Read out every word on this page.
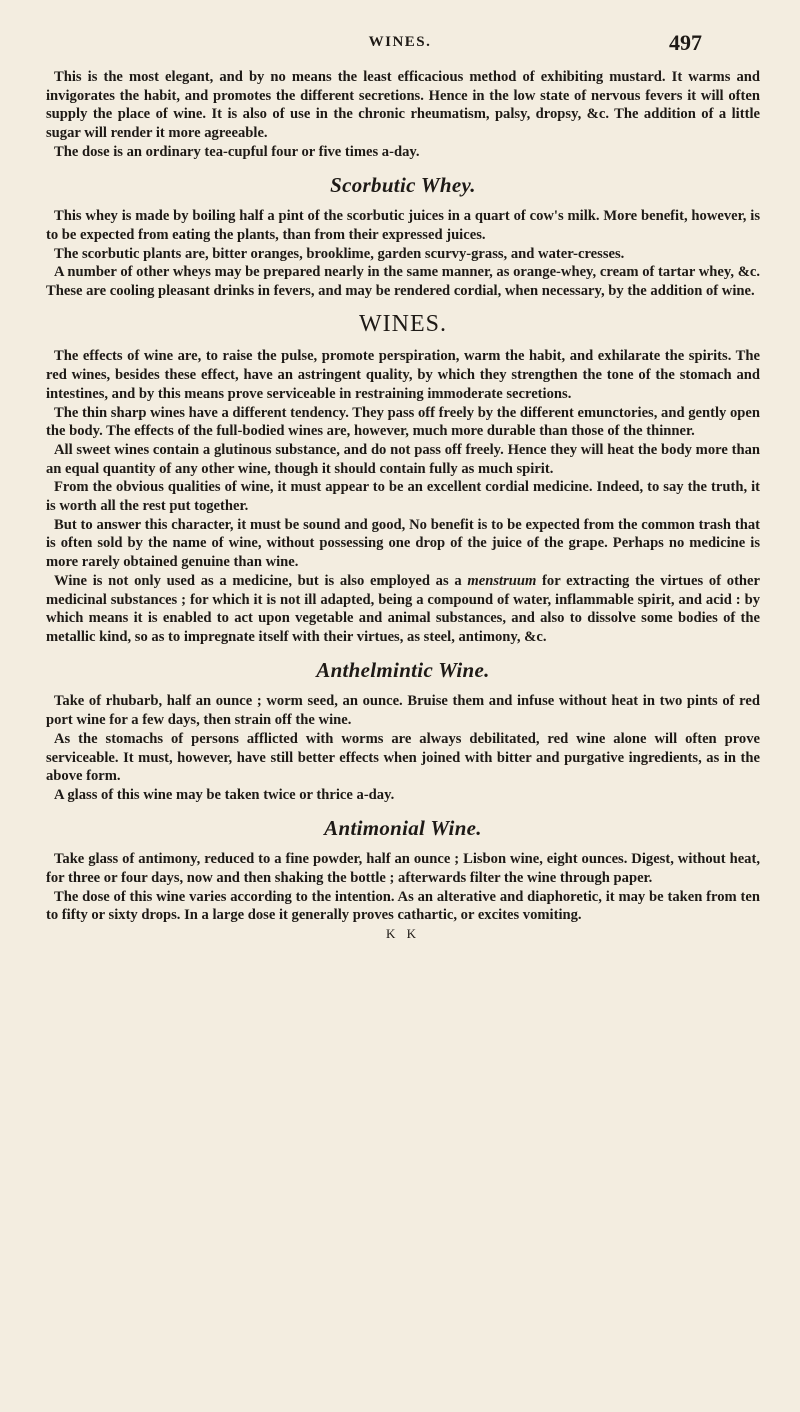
WINES.	497

This is the most elegant, and by no means the least efficacious method of exhibiting mustard. It warms and invigorates the habit, and promotes the different secretions. Hence in the low state of nervous fevers it will often supply the place of wine. It is also of use in the chronic rheumatism, palsy, dropsy, &c. The addition of a little sugar will render it more agreeable.

The dose is an ordinary tea-cupful four or five times a-day.

Scorbutic Whey.

This whey is made by boiling half a pint of the scorbutic juices in a quart of cow's milk. More benefit, however, is to be expected from eating the plants, than from their expressed juices.

The scorbutic plants are, bitter oranges, brooklime, garden scurvy-grass, and water-cresses.

A number of other wheys may be prepared nearly in the same manner, as orange-whey, cream of tartar whey, &c. These are cooling pleasant drinks in fevers, and may be rendered cordial, when necessary, by the addition of wine.

WINES.

The effects of wine are, to raise the pulse, promote perspiration, warm the habit, and exhilarate the spirits. The red wines, besides these effect, have an astringent quality, by which they strengthen the tone of the stomach and intestines, and by this means prove serviceable in restraining immoderate secretions.

The thin sharp wines have a different tendency. They pass off freely by the different emunctories, and gently open the body. The effects of the full-bodied wines are, however, much more durable than those of the thinner.

All sweet wines contain a glutinous substance, and do not pass off freely. Hence they will heat the body more than an equal quantity of any other wine, though it should contain fully as much spirit.

From the obvious qualities of wine, it must appear to be an excellent cordial medicine. Indeed, to say the truth, it is worth all the rest put together.

But to answer this character, it must be sound and good, No benefit is to be expected from the common trash that is often sold by the name of wine, without possessing one drop of the juice of the grape. Perhaps no medicine is more rarely obtained genuine than wine.

Wine is not only used as a medicine, but is also employed as a menstruum for extracting the virtues of other medicinal substances ; for which it is not ill adapted, being a compound of water, inflammable spirit, and acid : by which means it is enabled to act upon vegetable and animal substances, and also to dissolve some bodies of the metallic kind, so as to impregnate itself with their virtues, as steel, antimony, &c.

Anthelmintic Wine.

Take of rhubarb, half an ounce ; worm seed, an ounce. Bruise them and infuse without heat in two pints of red port wine for a few days, then strain off the wine.

As the stomachs of persons afflicted with worms are always debilitated, red wine alone will often prove serviceable. It must, however, have still better effects when joined with bitter and purgative ingredients, as in the above form.

A glass of this wine may be taken twice or thrice a-day.

Antimonial Wine.

Take glass of antimony, reduced to a fine powder, half an ounce ; Lisbon wine, eight ounces. Digest, without heat, for three or four days, now and then shaking the bottle ; afterwards filter the wine through paper.

The dose of this wine varies according to the intention. As an alterative and diaphoretic, it may be taken from ten to fifty or sixty drops. In a large dose it generally proves cathartic, or excites vomiting.

K K
